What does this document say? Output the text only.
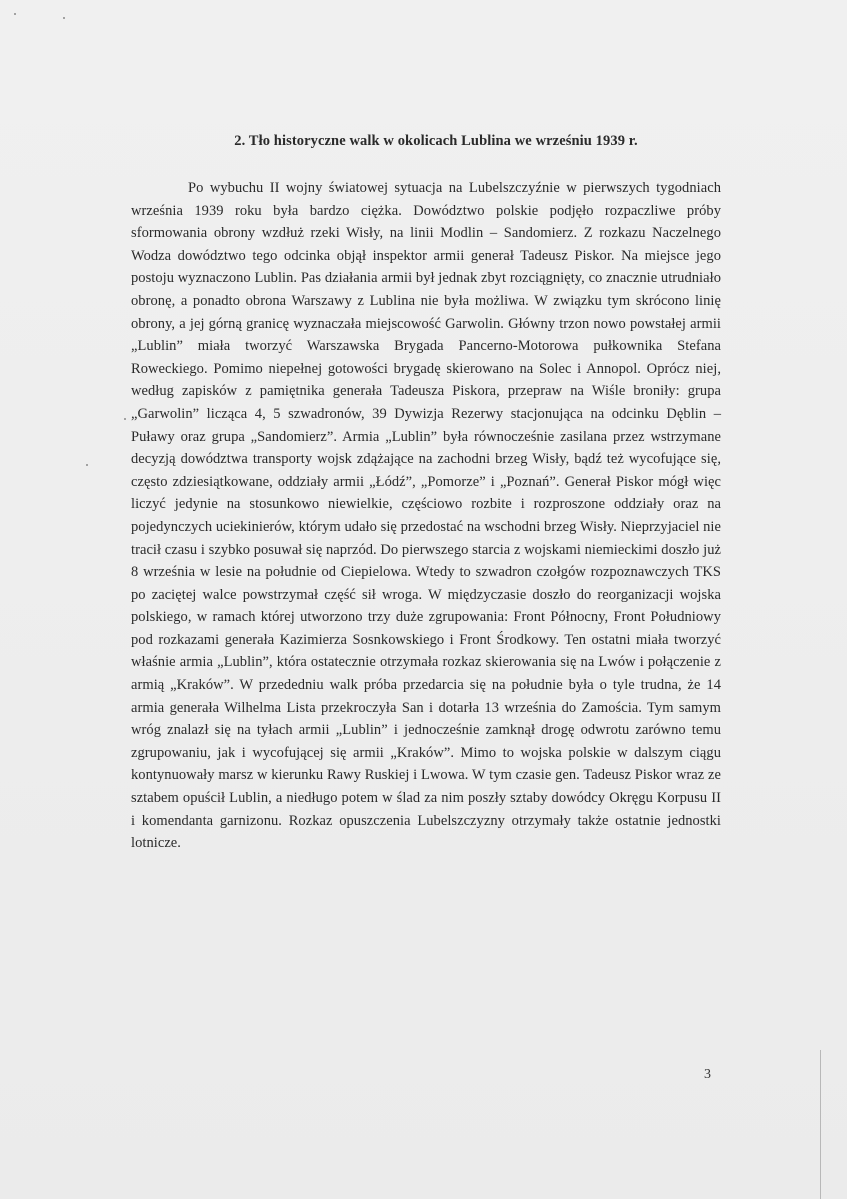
2. Tło historyczne walk w okolicach Lublina we wrześniu 1939 r.

Po wybuchu II wojny światowej sytuacja na Lubelszczyźnie w pierwszych tygodniach września 1939 roku była bardzo ciężka. Dowództwo polskie podjęło rozpaczliwe próby sformowania obrony wzdłuż rzeki Wisły, na linii Modlin – Sandomierz. Z rozkazu Naczelnego Wodza dowództwo tego odcinka objął inspektor armii generał Tadeusz Piskor. Na miejsce jego postoju wyznaczono Lublin. Pas działania armii był jednak zbyt rozciągnięty, co znacznie utrudniało obronę, a ponadto obrona Warszawy z Lublina nie była możliwa. W związku tym skrócono linię obrony, a jej górną granicę wyznaczała miejscowość Garwolin. Główny trzon nowo powstałej armii „Lublin” miała tworzyć Warszawska Brygada Pancerno-Motorowa pułkownika Stefana Roweckiego. Pomimo niepełnej gotowości brygadę skierowano na Solec i Annopol. Oprócz niej, według zapisków z pamiętnika generała Tadeusza Piskora, przepraw na Wiśle broniły: grupa „Garwolin” licząca 4, 5 szwadronów, 39 Dywizja Rezerwy stacjonująca na odcinku Dęblin – Puławy oraz grupa „Sandomierz”. Armia „Lublin” była równocześnie zasilana przez wstrzymane decyzją dowództwa transporty wojsk zdążające na zachodni brzeg Wisły, bądź też wycofujące się, często zdziesiątkowane, oddziały armii „Łódź”, „Pomorze” i „Poznań”. Generał Piskor mógł więc liczyć jedynie na stosunkowo niewielkie, częściowo rozbite i rozproszone oddziały oraz na pojedynczych uciekinierów, którym udało się przedostać na wschodni brzeg Wisły. Nieprzyjaciel nie tracił czasu i szybko posuwał się naprzód. Do pierwszego starcia z wojskami niemieckimi doszło już 8 września w lesie na południe od Ciepielowa. Wtedy to szwadron czołgów rozpoznawczych TKS po zaciętej walce powstrzymał część sił wroga. W międzyczasie doszło do reorganizacji wojska polskiego, w ramach której utworzono trzy duże zgrupowania: Front Północny, Front Południowy pod rozkazami generała Kazimierza Sosnkowskiego i Front Środkowy. Ten ostatni miała tworzyć właśnie armia „Lublin”, która ostatecznie otrzymała rozkaz skierowania się na Lwów i połączenie z armią „Kraków”. W przededniu walk próba przedarcia się na południe była o tyle trudna, że 14 armia generała Wilhelma Lista przekroczyła San i dotarła 13 września do Zamościa. Tym samym wróg znalazł się na tyłach armii „Lublin” i jednocześnie zamknął drogę odwrotu zarówno temu zgrupowaniu, jak i wycofującej się armii „Kraków”. Mimo to wojska polskie w dalszym ciągu kontynuowały marsz w kierunku Rawy Ruskiej i Lwowa. W tym czasie gen. Tadeusz Piskor wraz ze sztabem opuścił Lublin, a niedługo potem w ślad za nim poszły sztaby dowódcy Okręgu Korpusu II i komendanta garnizonu. Rozkaz opuszczenia Lubelszczyzny otrzymały także ostatnie jednostki lotnicze.

3
